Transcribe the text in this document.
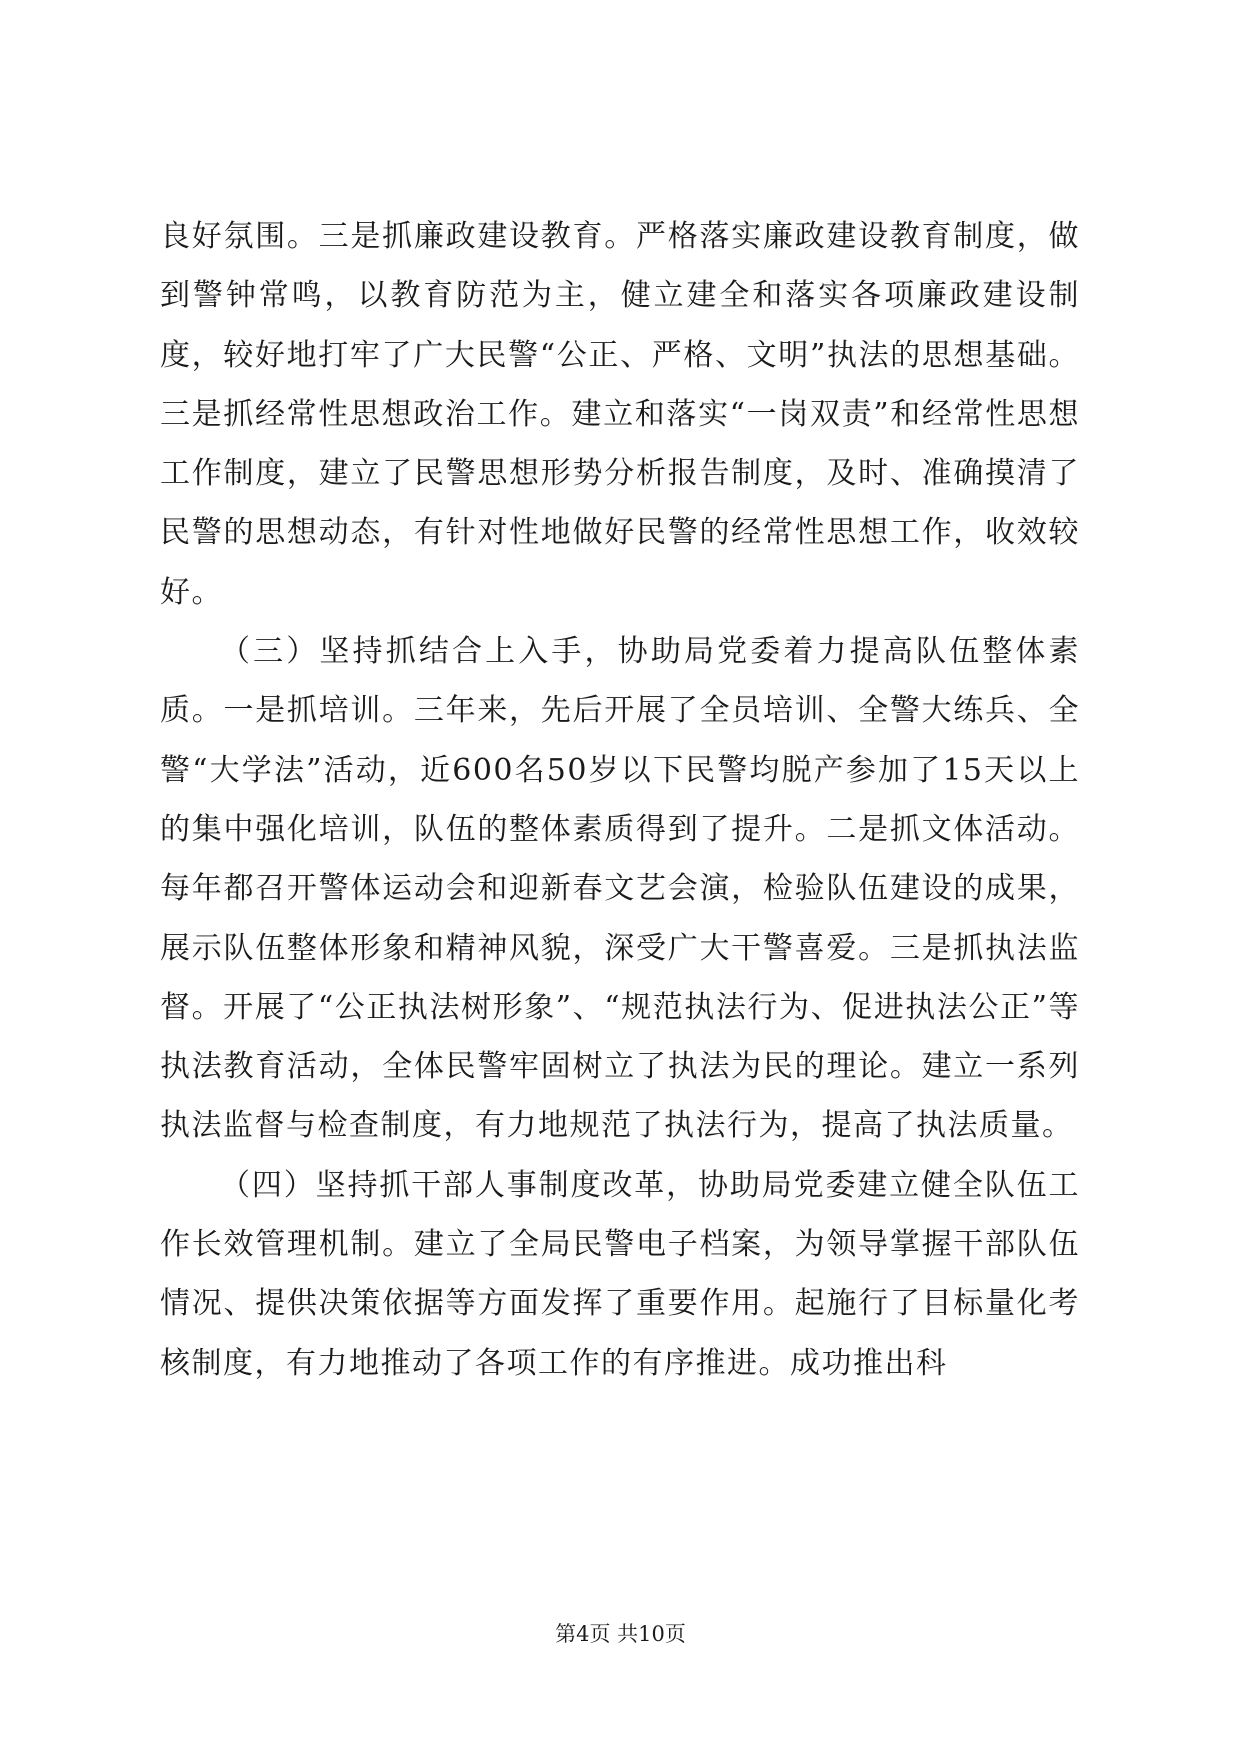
良好氛围。三是抓廉政建设教育。严格落实廉政建设教育制度，做到警钟常鸣，以教育防范为主，健立建全和落实各项廉政建设制度，较好地打牢了广大民警“公正、严格、文明”执法的思想基础。三是抓经常性思想政治工作。建立和落实“一岗双责”和经常性思想工作制度，建立了民警思想形势分析报告制度，及时、准确摸清了民警的思想动态，有针对性地做好民警的经常性思想工作，收效较好。

（三）坚持抓结合上入手，协助局党委着力提高队伍整体素质。一是抓培训。三年来，先后开展了全员培训、全警大练兵、全警“大学法”活动，近600名50岁以下民警均脱产参加了15天以上的集中强化培训，队伍的整体素质得到了提升。二是抓文体活动。每年都召开警体运动会和迎新春文艺会演，检验队伍建设的成果，展示队伍整体形象和精神风貌，深受广大干警喜爱。三是抓执法监督。开展了“公正执法树形象”、“规范执法行为、促进执法公正”等执法教育活动，全体民警牢固树立了执法为民的理论。建立一系列执法监督与检查制度，有力地规范了执法行为，提高了执法质量。

（四）坚持抓干部人事制度改革，协助局党委建立健全队伍工作长效管理机制。建立了全局民警电子档案，为领导掌握干部队伍情况、提供决策依据等方面发挥了重要作用。起施行了目标量化考核制度，有力地推动了各项工作的有序推进。成功推出科

第4页 共10页
